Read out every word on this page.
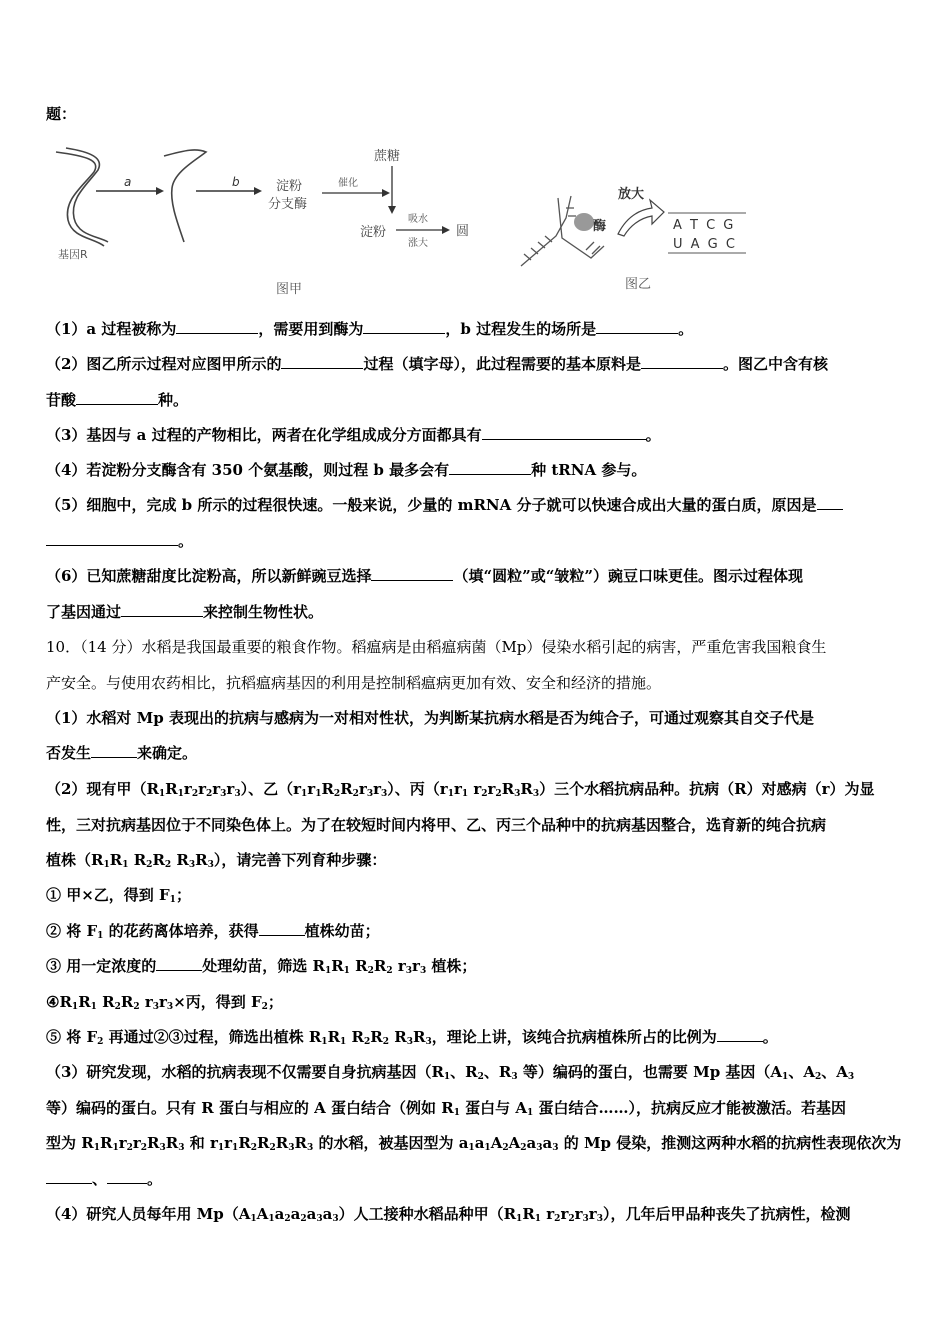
题：
基因R
a	b	淀粉
分支酶
催化
蔗糖
淀粉
吸水
涨大
圆
图甲
酶
放大
A T C G
U A G C
图乙
（1）a 过程被称为	，需要用到酶为	，b 过程发生的场所是	。
（2）图乙所示过程对应图甲所示的	过程（填字母），此过程需要的基本原料是	。图乙中含有核
苷酸	种。
（3）基因与 a 过程的产物相比，两者在化学组成成分方面都具有	。
（4）若淀粉分支酶含有 350 个氨基酸，则过程 b 最多会有	种 tRNA 参与。
（5）细胞中，完成 b 所示的过程很快速。一般来说，少量的 mRNA 分子就可以快速合成出大量的蛋白质，原因是
。
（6）已知蔗糖甜度比淀粉高，所以新鲜豌豆选择	（填“圆粒”或“皱粒”）豌豆口味更佳。图示过程体现
了基因通过	来控制生物性状。
10．（14 分）水稻是我国最重要的粮食作物。稻瘟病是由稻瘟病菌（Mp）侵染水稻引起的病害，严重危害我国粮食生
产安全。与使用农药相比，抗稻瘟病基因的利用是控制稻瘟病更加有效、安全和经济的措施。
（1）水稻对 Mp 表现出的抗病与感病为一对相对性状，为判断某抗病水稻是否为纯合子，可通过观察其自交子代是
否发生	来确定。
（2）现有甲$(R_1R_1r_2r_2r_3r_3)$、乙$(r_1r_1R_2R_2r_3r_3)$、丙（$r_1r_1$ $r_2r_2R_3R_3$）三个水稻抗病品种。抗病（R）对感病（r）为显
性，三对抗病基因位于不同染色体上。为了在较短时间内将甲、乙、丙三个品种中的抗病基因整合，选育新的纯合抗病
植株（$R_1R_1$ $R_2R_2$ $R_3R_3$），请完善下列育种步骤：
① 甲×乙，得到 $F_1$；
② 将 $F_1$ 的花药离体培养，获得	植株幼苗；
③ 用一定浓度的	处理幼苗，筛选 $R_1R_1$ $R_2R_2$ $r_3r_3$ 植株；
$④R_1R_1$ $R_2R_2$ $r_3r_3\times$丙，得到 $F_2$；
⑤ 将 $F_2$ 再通过②③过程，筛选出植株 $R_1R_1$ $R_2R_2$ $R_3R_3$，理论上讲，该纯合抗病植株所占的比例为	。
（3）研究发现，水稻的抗病表现不仅需要自身抗病基因（$R_1$、$R_2$、$R_3$ 等）编码的蛋白，也需要 Mp 基因（$A_1$、$A_2$、$A_3$
等）编码的蛋白。只有 R 蛋白与相应的 A 蛋白结合（例如 $R_1$ 蛋白与 $A_1$ 蛋白结合……），抗病反应才能被激活。若基因
型为 $R_1R_1r_2r_2R_3R_3$ 和 $r_1r_1R_2R_2R_3R_3$ 的水稻，被基因型为 $a_1a_1A_2A_2a_3a_3$ 的 Mp 侵染，推测这两种水稻的抗病性表现依次为
、	。
（4）研究人员每年用 $Mp(A_1A_1a_2a_2a_3a_3)$人工接种水稻品种甲（$R_1R_1$ $r_2r_2r_3r_3$），几年后甲品种丧失了抗病性，检测
